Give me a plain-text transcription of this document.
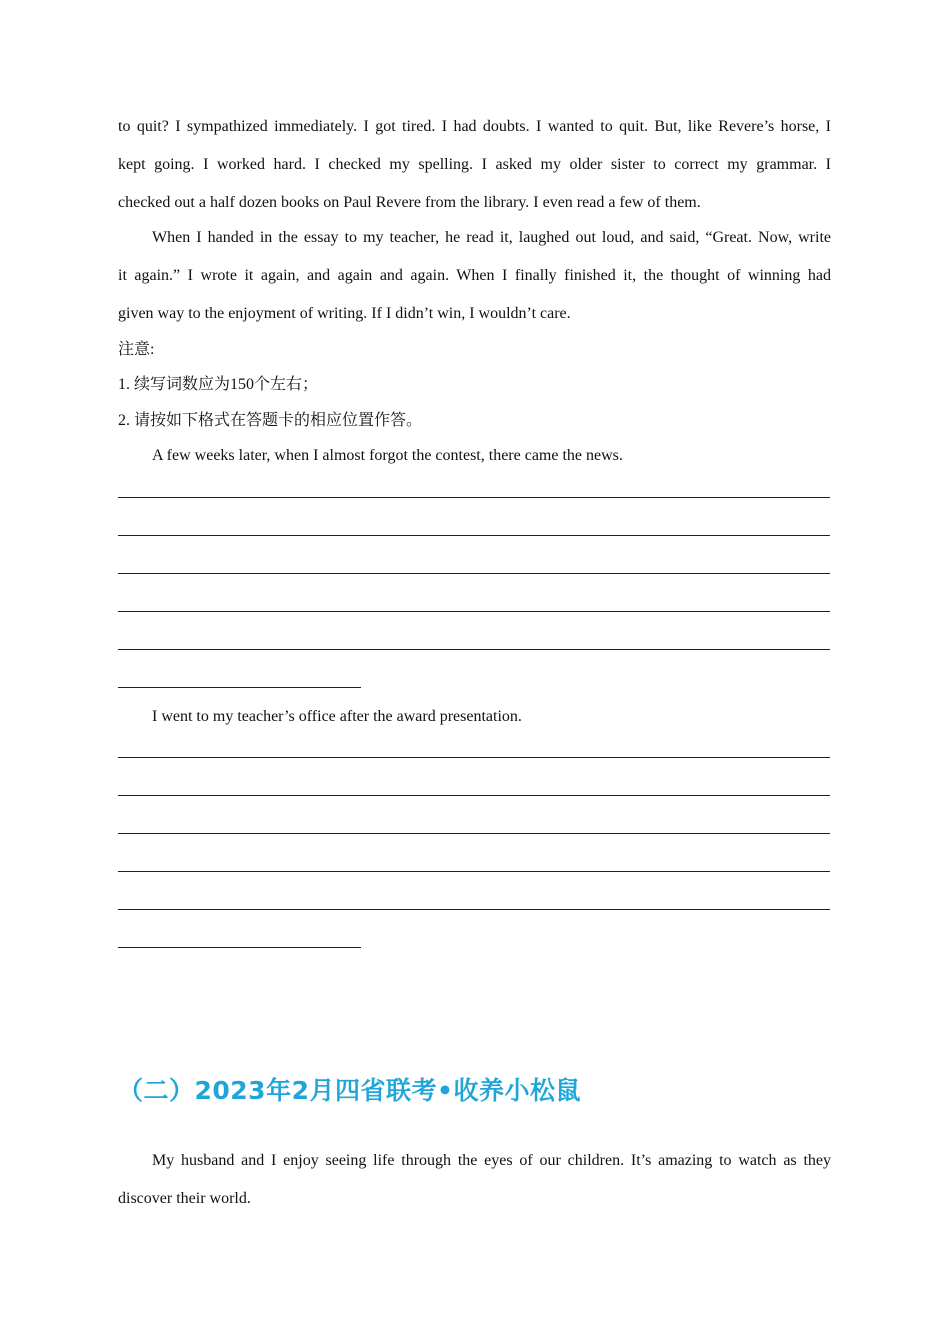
to quit? I sympathized immediately. I got tired. I had doubts. I wanted to quit. But, like Revere’s horse, I
kept going. I worked hard. I checked my spelling. I asked my older sister to correct my grammar. I
checked out a half dozen books on Paul Revere from the library. I even read a few of them.
When I handed in the essay to my teacher, he read it, laughed out loud, and said, “Great. Now, write
it again.” I wrote it again, and again and again. When I finally finished it, the thought of winning had
given way to the enjoyment of writing. If I didn’t win, I wouldn’t care.
注意:
1. 续写词数应为150个左右；
2. 请按如下格式在答题卡的相应位置作答。
A few weeks later, when I almost forgot the contest, there came the news.
I went to my teacher’s office after the award presentation.
（二）2023年2月四省联考•收养小松鼠
My husband and I enjoy seeing life through the eyes of our children. It’s amazing to watch as they
discover their world.
